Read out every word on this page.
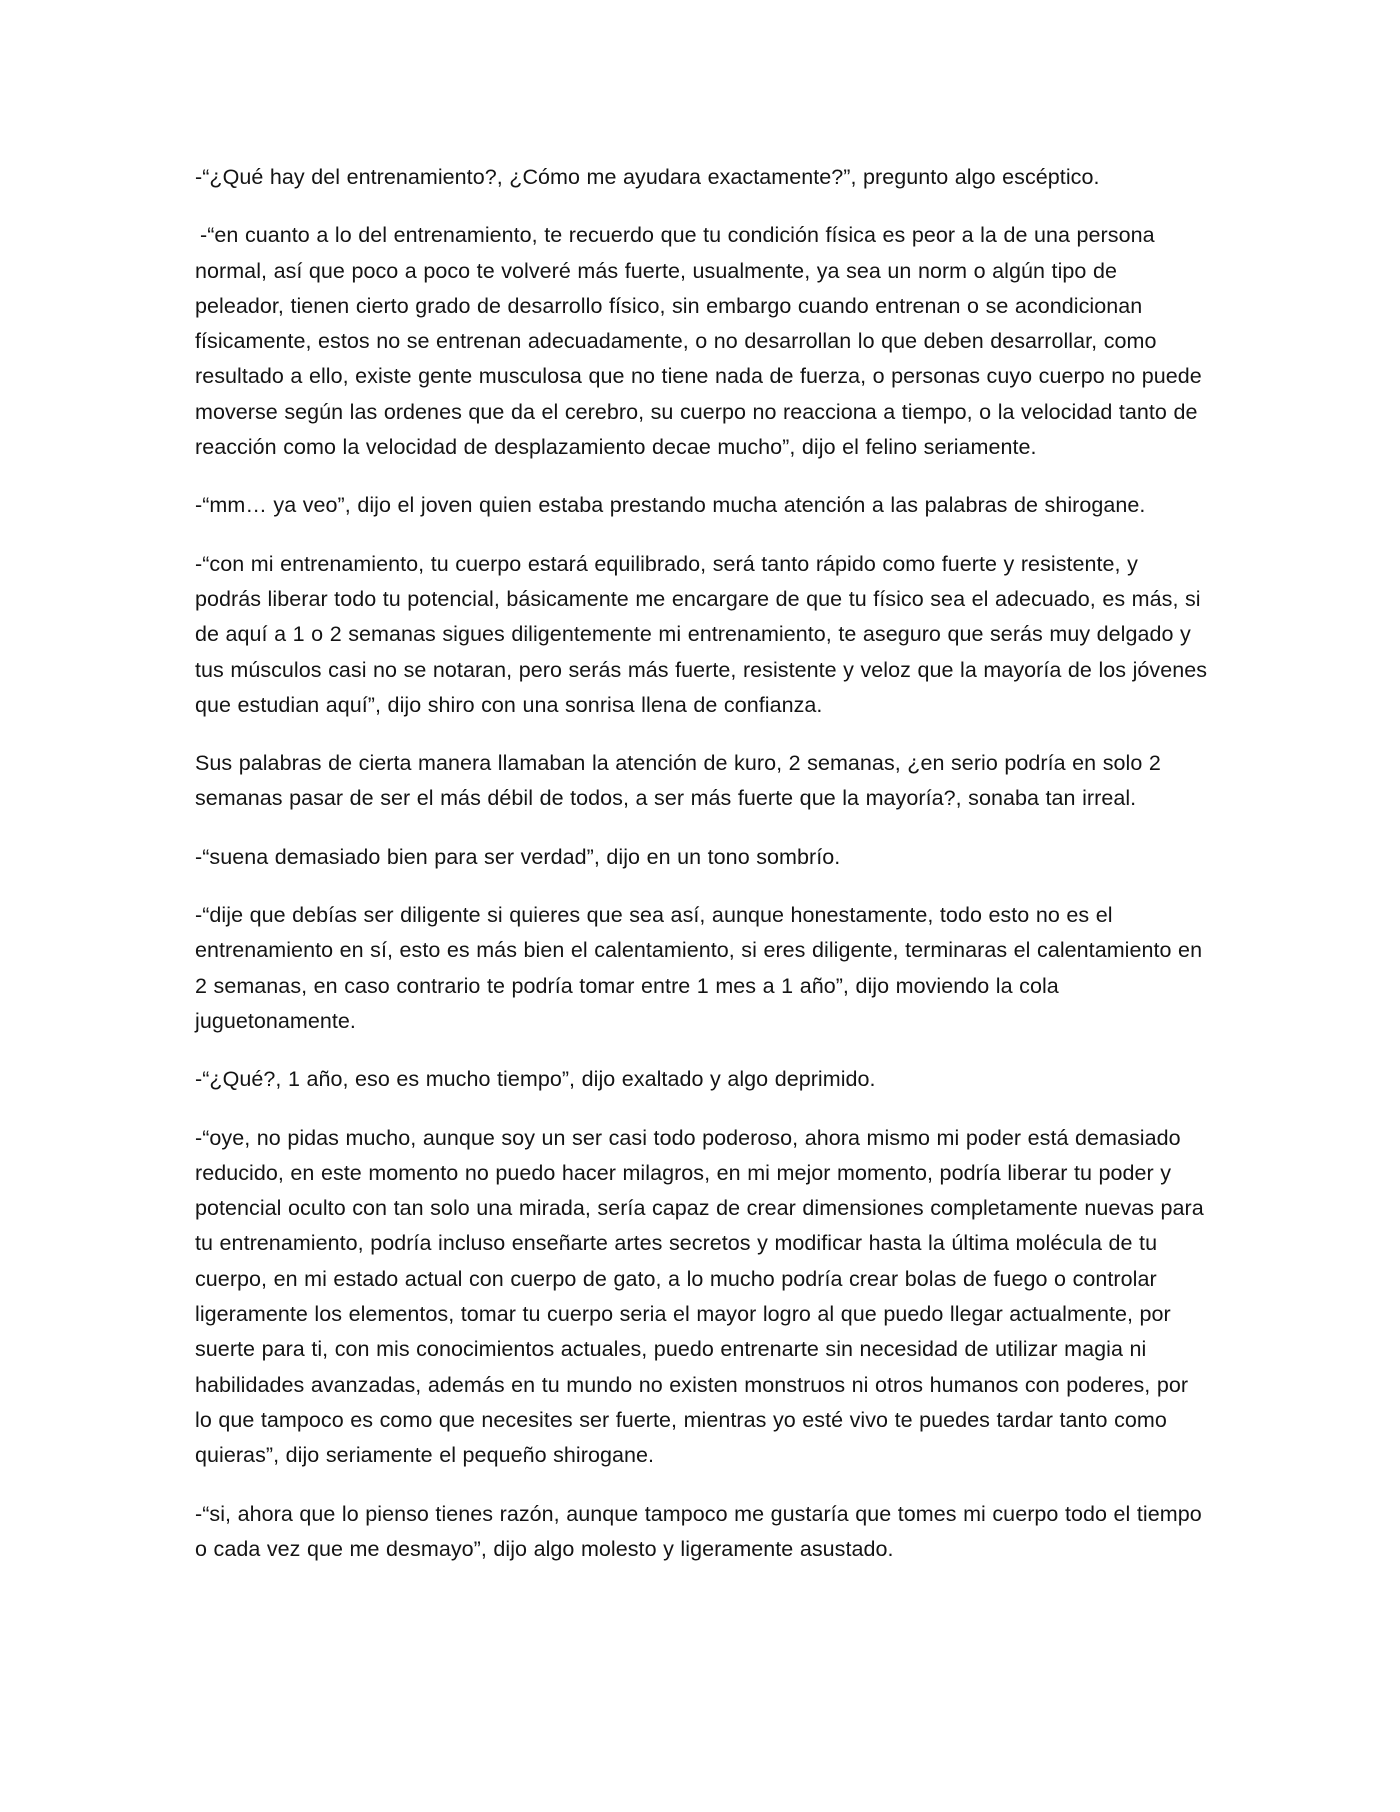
-“¿Qué hay del entrenamiento?, ¿Cómo me ayudara exactamente?”, pregunto algo escéptico.

-“en cuanto a lo del entrenamiento, te recuerdo que tu condición física es peor a la de una persona normal, así que poco a poco te volveré más fuerte, usualmente, ya sea un norm o algún tipo de peleador, tienen cierto grado de desarrollo físico, sin embargo cuando entrenan o se acondicionan físicamente, estos no se entrenan adecuadamente, o no desarrollan lo que deben desarrollar, como resultado a ello, existe gente musculosa que no tiene nada de fuerza, o personas cuyo cuerpo no puede moverse según las ordenes que da el cerebro, su cuerpo no reacciona a tiempo, o la velocidad tanto de reacción como la velocidad de desplazamiento decae mucho”, dijo el felino seriamente.

-“mm… ya veo”, dijo el joven quien estaba prestando mucha atención a las palabras de shirogane.

-“con mi entrenamiento, tu cuerpo estará equilibrado, será tanto rápido como fuerte y resistente, y podrás liberar todo tu potencial, básicamente me encargare de que tu físico sea el adecuado, es más, si de aquí a 1 o 2 semanas sigues diligentemente mi entrenamiento, te aseguro que serás muy delgado y tus músculos casi no se notaran, pero serás más fuerte, resistente y veloz que la mayoría de los jóvenes que estudian aquí”, dijo shiro con una sonrisa llena de confianza.

Sus palabras de cierta manera llamaban la atención de kuro, 2 semanas, ¿en serio podría en solo 2 semanas pasar de ser el más débil de todos, a ser más fuerte que la mayoría?, sonaba tan irreal.

-“suena demasiado bien para ser verdad”, dijo en un tono sombrío.

-“dije que debías ser diligente si quieres que sea así, aunque honestamente, todo esto no es el entrenamiento en sí, esto es más bien el calentamiento, si eres diligente, terminaras el calentamiento en 2 semanas, en caso contrario te podría tomar entre 1 mes a 1 año”, dijo moviendo la cola juguetonamente.

-“¿Qué?, 1 año, eso es mucho tiempo”, dijo exaltado y algo deprimido.

-“oye, no pidas mucho, aunque soy un ser casi todo poderoso, ahora mismo mi poder está demasiado reducido, en este momento no puedo hacer milagros, en mi mejor momento, podría liberar tu poder y potencial oculto con tan solo una mirada, sería capaz de crear dimensiones completamente nuevas para tu entrenamiento, podría incluso enseñarte artes secretos y modificar hasta la última molécula de tu cuerpo, en mi estado actual con cuerpo de gato, a lo mucho podría crear bolas de fuego o controlar ligeramente los elementos, tomar tu cuerpo seria el mayor logro al que puedo llegar actualmente, por suerte para ti, con mis conocimientos actuales, puedo entrenarte sin necesidad de utilizar magia ni habilidades avanzadas, además en tu mundo no existen monstruos ni otros humanos con poderes, por lo que tampoco es como que necesites ser fuerte, mientras yo esté vivo te puedes tardar tanto como quieras”, dijo seriamente el pequeño shirogane.

-“si, ahora que lo pienso tienes razón, aunque tampoco me gustaría que tomes mi cuerpo todo el tiempo o cada vez que me desmayo”, dijo algo molesto y ligeramente asustado.
